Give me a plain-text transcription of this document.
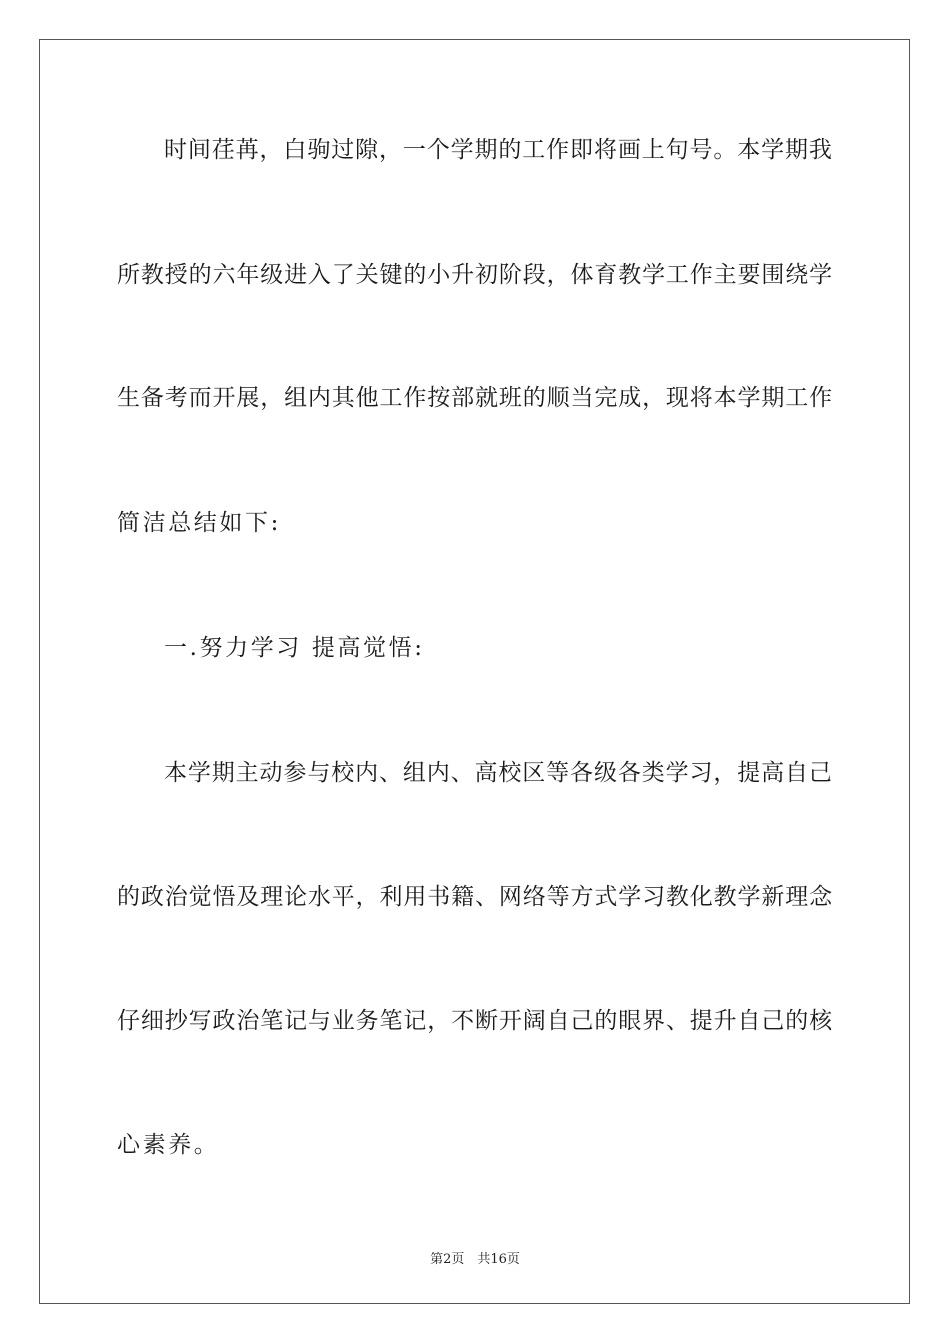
时间荏苒，白驹过隙，一个学期的工作即将画上句号。本学期我
所教授的六年级进入了关键的小升初阶段，体育教学工作主要围绕学
生备考而开展，组内其他工作按部就班的顺当完成，现将本学期工作
简洁总结如下:
一.努力学习 提高觉悟:
本学期主动参与校内、组内、高校区等各级各类学习，提高自己
的政治觉悟及理论水平，利用书籍、网络等方式学习教化教学新理念
仔细抄写政治笔记与业务笔记，不断开阔自己的眼界、提升自己的核
心素养。
第2页　共16页
